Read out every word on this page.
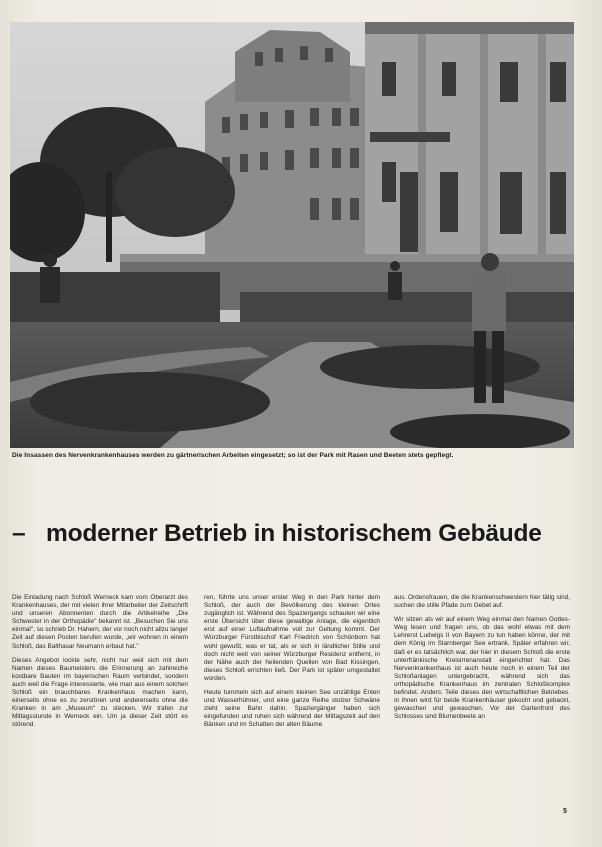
Die Insassen des Nervenkrankenhauses werden zu gärtnerischen Arbeiten eingesetzt; so ist der Park mit Rasen und Beeten stets gepflegt.
– moderner Betrieb in historischem Gebäude

Die Einladung nach Schloß Werneck kam vom Oberarzt des Krankenhauses, der mit vielen ihrer Mitarbeiter der Zeitschrift und unseren Abonnenten durch die Artikelreihe „Die Schwester in der Orthopädie" bekannt ist. „Besuchen Sie uns einmal", so schrieb Dr. Hahern, der vor noch nicht allzu langer Zeit auf diesen Posten berufen wurde, „wir wohnen in einem Schloß, das Balthasar Neumann erbaut hat."

Dieses Angebot lockte sehr, nicht nur weil sich mit dem Namen dieses Baumeisters die Erinnerung an zahlreiche kostbare Bauten im bayerischen Raum verbindet, sondern auch weil die Frage interessierte, wie man aus einem solchen Schloß ein brauchbares Krankenhaus machen kann, einerseits ohne es zu zerstören und andererseits ohne die Kranken in am „Museum" zu stecken. Wir trafen zur Mittagsstunde in Werneck ein. Um ja dieser Zeit stört es störend.

ren, führte uns unser erster Weg in den Park hinter dem Schloß, der auch der Bevölkerung des kleinen Ortes zugänglich ist. Während des Spaziergangs schauten wir eine erste Übersicht über diese gewaltige Anlage, die eigentlich erst auf einer Luftaufnahme voll zur Geltung kommt. Der Würzburger Fürstbischof Karl Friedrich von Schönborn hat wohl gewußt, was er tat, als er sich in ländlicher Stille und doch nicht weit von seiner Würzburger Residenz entfernt, in der Nähe auch der heilenden Quellen von Bad Kissingen, dieses Schloß errichten ließ. Der Park ist später umgestaltet worden.

Heute tummeln sich auf einem kleinen See unzählige Enten und Wasserhühner, und eine ganze Reihe stolzer Schwäne zieht seine Bahn dahin. Spaziergänger haben sich eingefunden und ruhen sich während der Mittagszeit auf den Bänken und im Schatten der alten Bäume

aus. Ordensfrauen, die die Krankenschwestern hier tätig sind, suchen die stille Pfade zum Gebet auf.

Wir sitzen als wir auf einem Weg einmal den Namen Gottes-Weg lesen und fragen uns, ob das wohl etwas mit dem Lehrerst Ludwigs II von Bayern zu tun haben könne, der mit dem König im Starnberger See ertrank. Später erfahren wir, daß er es tatsächlich war, der hier in diesem Schloß die erste unterfränkische Kreisirrenanstalt eingerichtet hat. Das Nervenkrankenhaus ist auch heute noch in einem Teil der Schloßanlagen untergebracht, während sich das orthopädische Krankenhaus im zentralen Schloßkomplex befindet. Anders: Teile dieses den wirtschaftlichen Betriebes. In ihnen wird für beide Krankenhäuser gekocht und gebackt, gewaschen und gewaschen. Vor der Gartenfront des Schlosses sind Blumenbeete an

5
